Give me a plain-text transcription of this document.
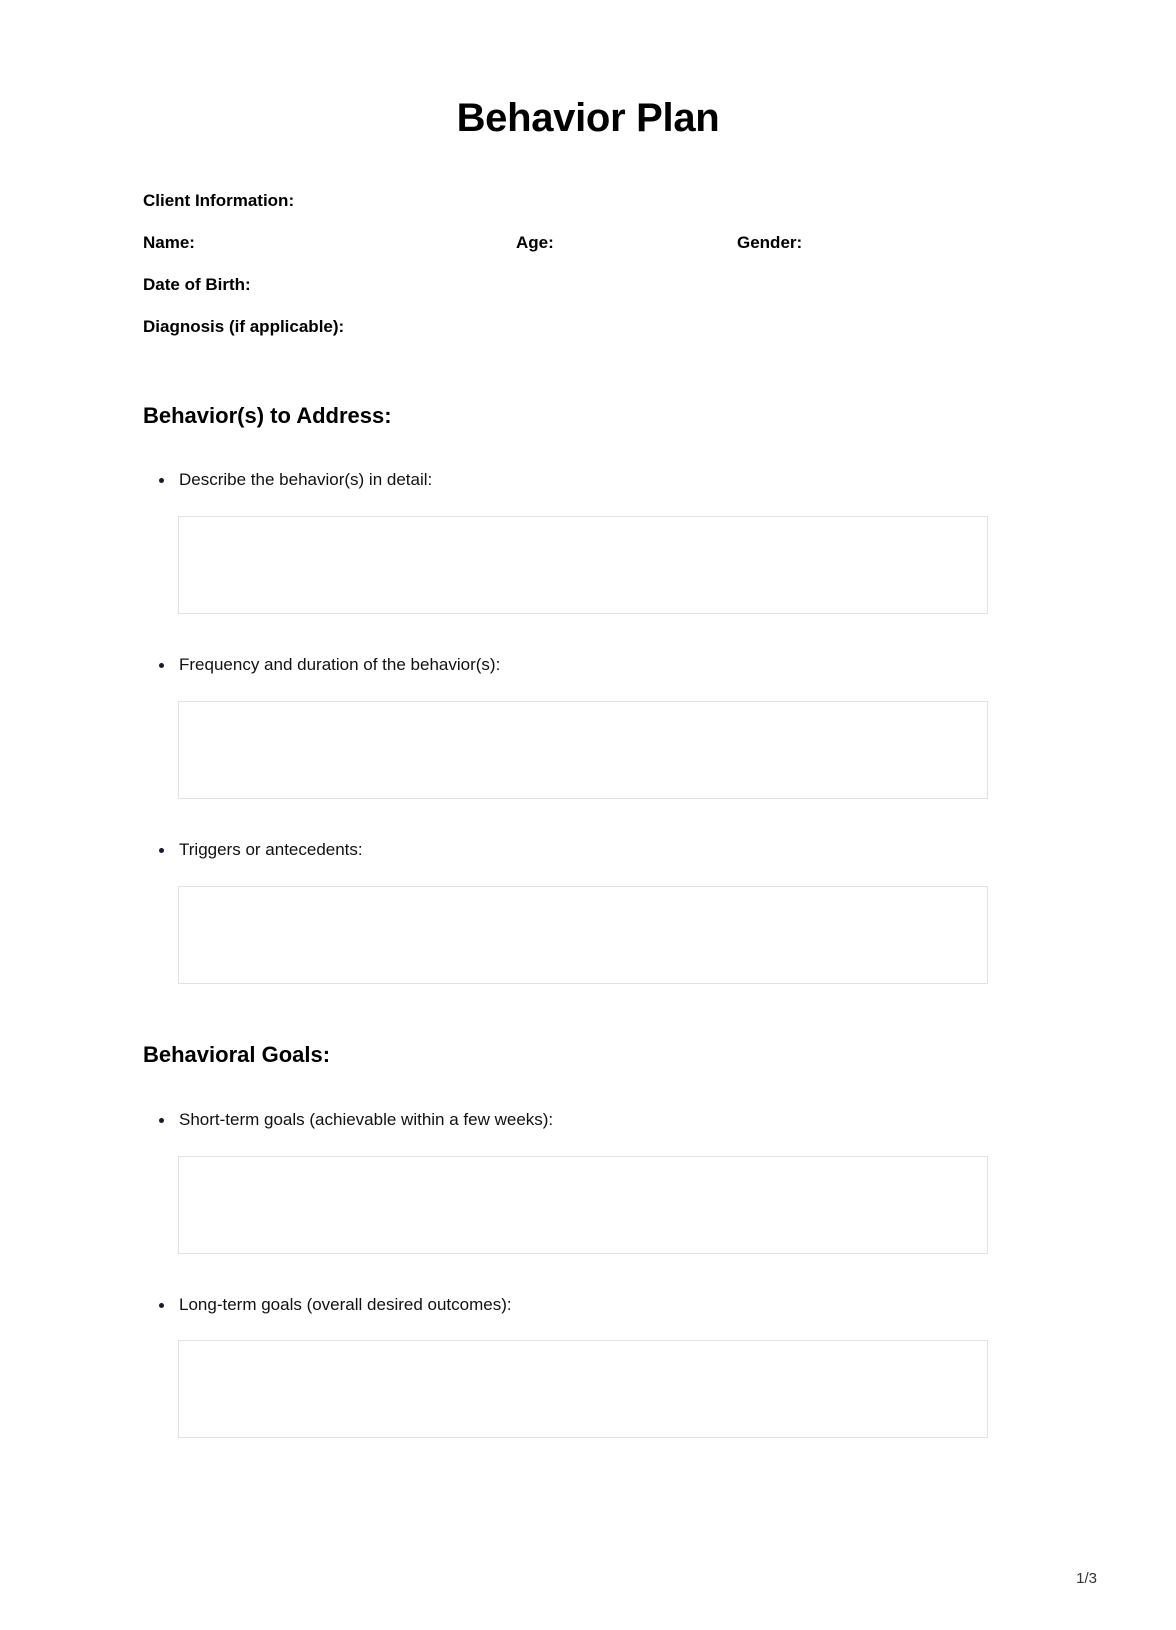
Behavior Plan
Client Information:
Name:	Age:	Gender:
Date of Birth:
Diagnosis (if applicable):
Behavior(s) to Address:
Describe the behavior(s) in detail:
Frequency and duration of the behavior(s):
Triggers or antecedents:
Behavioral Goals:
Short-term goals (achievable within a few weeks):
Long-term goals (overall desired outcomes):
1/3
